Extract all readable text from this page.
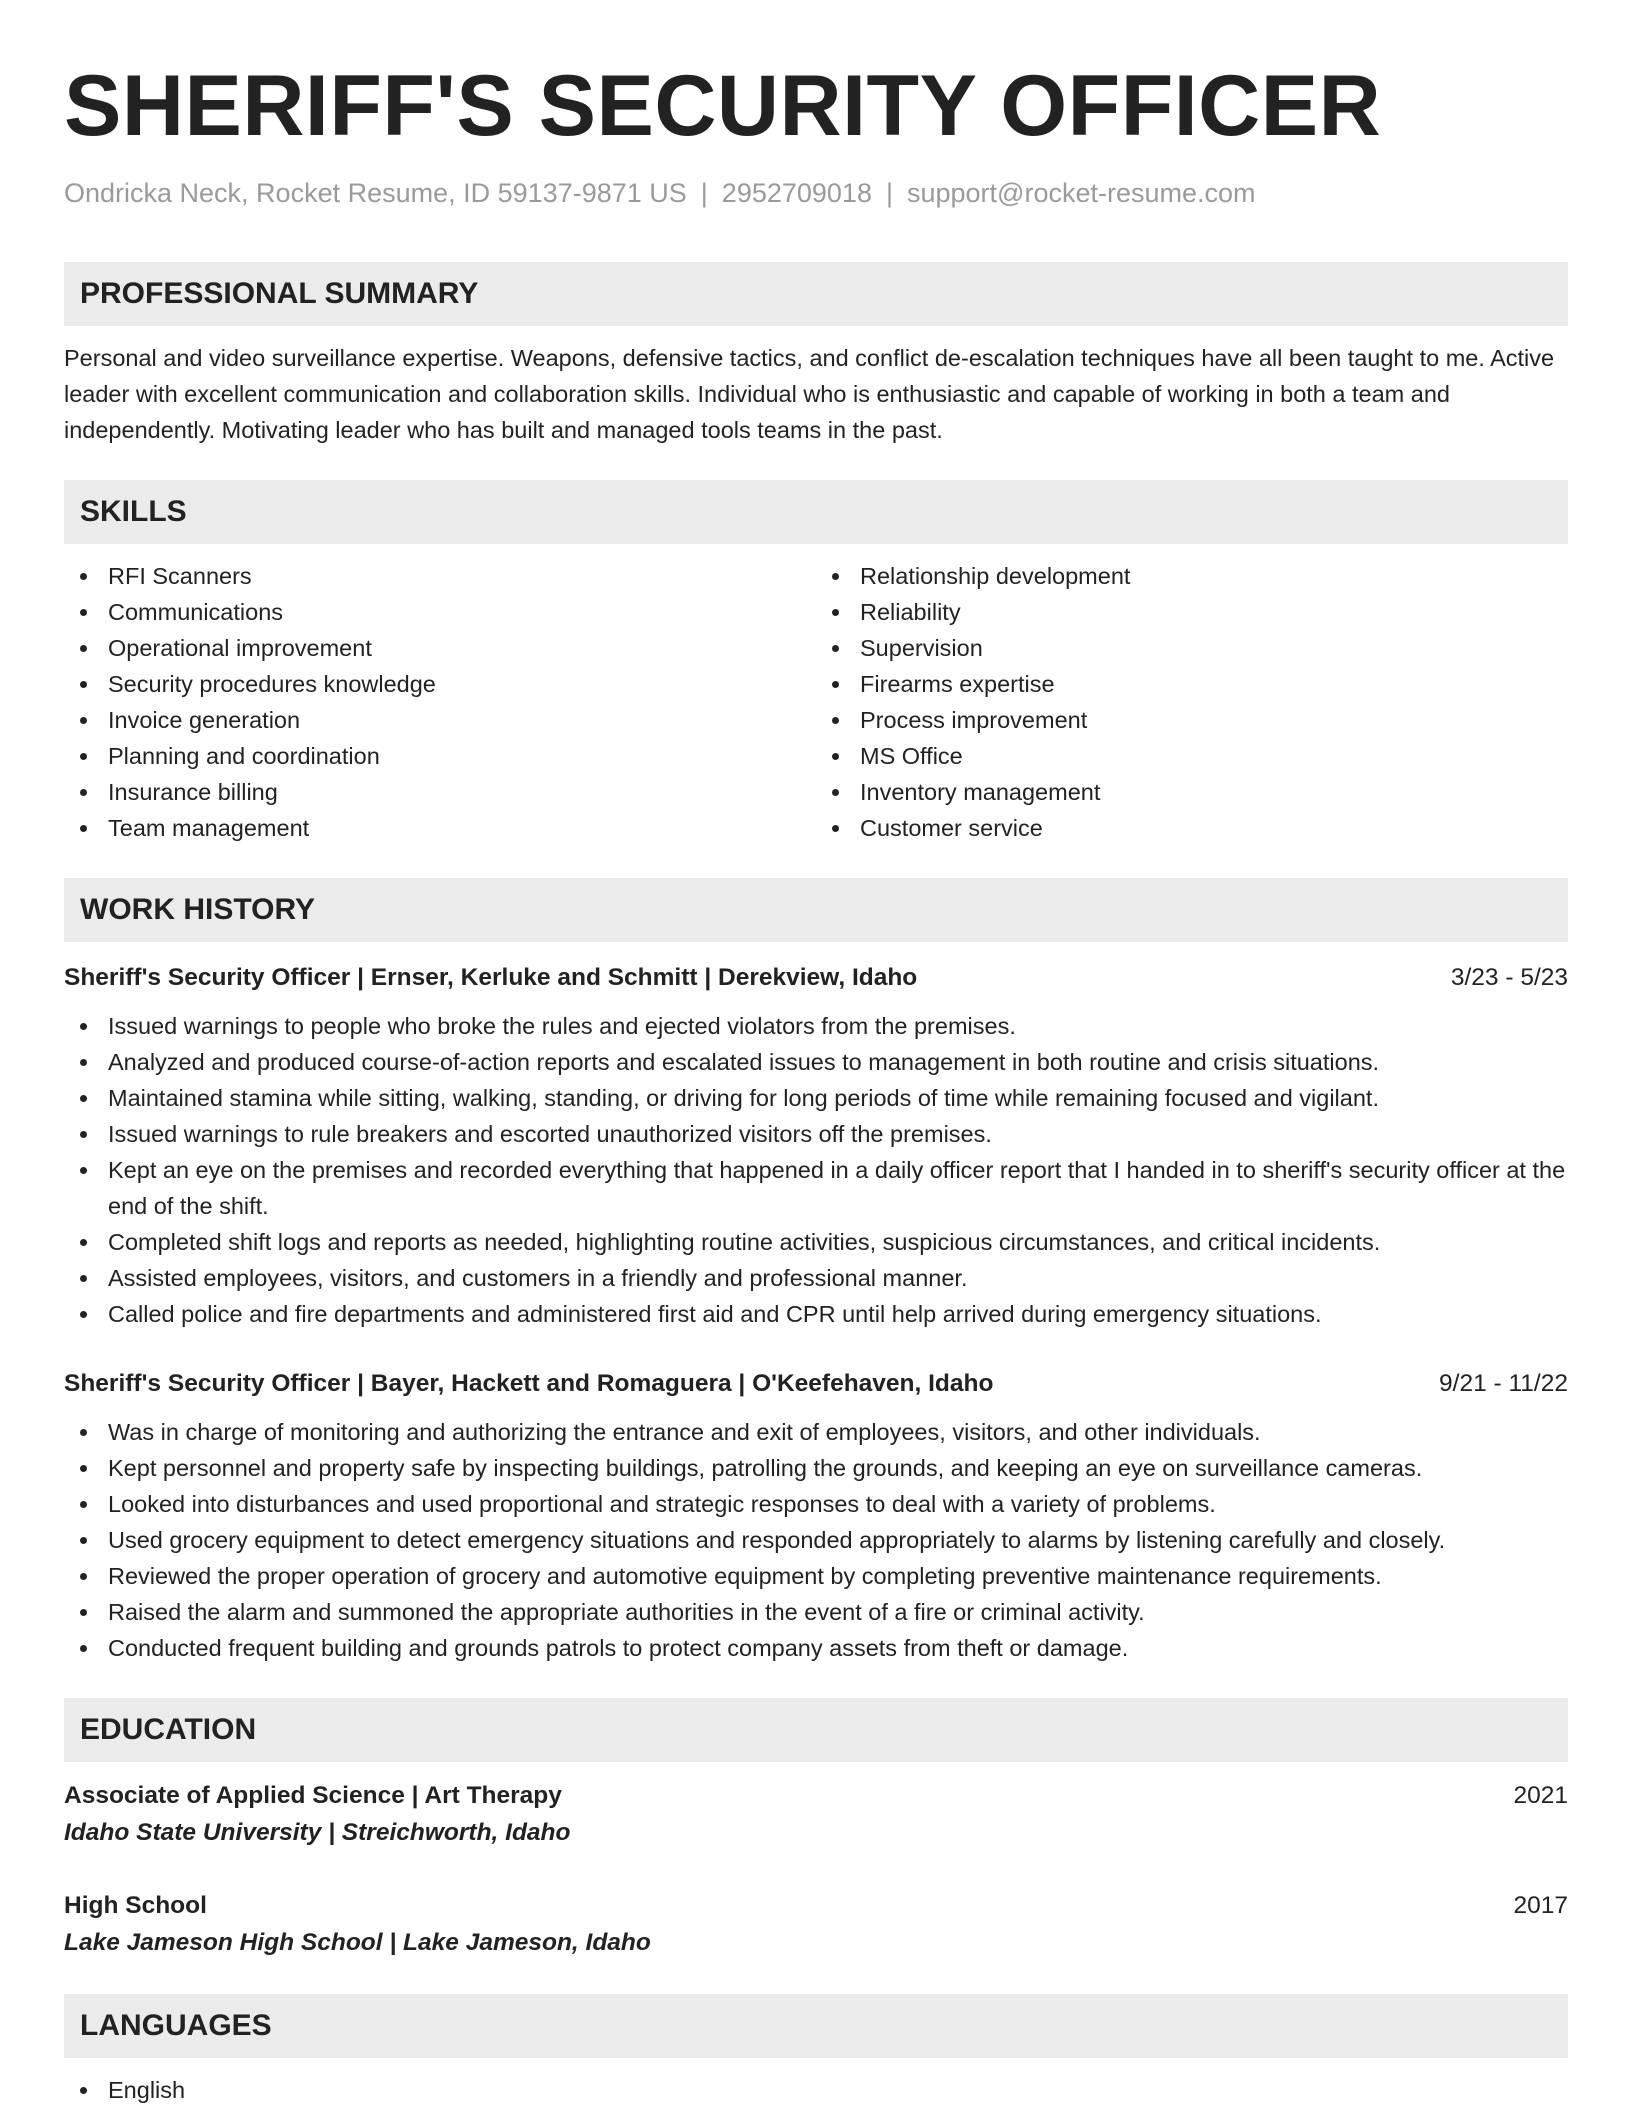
SHERIFF'S SECURITY OFFICER
Ondricka Neck, Rocket Resume, ID 59137-9871 US | 2952709018 | support@rocket-resume.com
PROFESSIONAL SUMMARY
Personal and video surveillance expertise. Weapons, defensive tactics, and conflict de-escalation techniques have all been taught to me. Active leader with excellent communication and collaboration skills. Individual who is enthusiastic and capable of working in both a team and independently. Motivating leader who has built and managed tools teams in the past.
SKILLS
RFI Scanners
Communications
Operational improvement
Security procedures knowledge
Invoice generation
Planning and coordination
Insurance billing
Team management
Relationship development
Reliability
Supervision
Firearms expertise
Process improvement
MS Office
Inventory management
Customer service
WORK HISTORY
Sheriff's Security Officer | Ernser, Kerluke and Schmitt | Derekview, Idaho	3/23 - 5/23
Issued warnings to people who broke the rules and ejected violators from the premises.
Analyzed and produced course-of-action reports and escalated issues to management in both routine and crisis situations.
Maintained stamina while sitting, walking, standing, or driving for long periods of time while remaining focused and vigilant.
Issued warnings to rule breakers and escorted unauthorized visitors off the premises.
Kept an eye on the premises and recorded everything that happened in a daily officer report that I handed in to sheriff's security officer at the end of the shift.
Completed shift logs and reports as needed, highlighting routine activities, suspicious circumstances, and critical incidents.
Assisted employees, visitors, and customers in a friendly and professional manner.
Called police and fire departments and administered first aid and CPR until help arrived during emergency situations.
Sheriff's Security Officer | Bayer, Hackett and Romaguera | O'Keefehaven, Idaho	9/21 - 11/22
Was in charge of monitoring and authorizing the entrance and exit of employees, visitors, and other individuals.
Kept personnel and property safe by inspecting buildings, patrolling the grounds, and keeping an eye on surveillance cameras.
Looked into disturbances and used proportional and strategic responses to deal with a variety of problems.
Used grocery equipment to detect emergency situations and responded appropriately to alarms by listening carefully and closely.
Reviewed the proper operation of grocery and automotive equipment by completing preventive maintenance requirements.
Raised the alarm and summoned the appropriate authorities in the event of a fire or criminal activity.
Conducted frequent building and grounds patrols to protect company assets from theft or damage.
EDUCATION
Associate of Applied Science | Art Therapy	2021
Idaho State University | Streichworth, Idaho
High School	2017
Lake Jameson High School | Lake Jameson, Idaho
LANGUAGES
English
